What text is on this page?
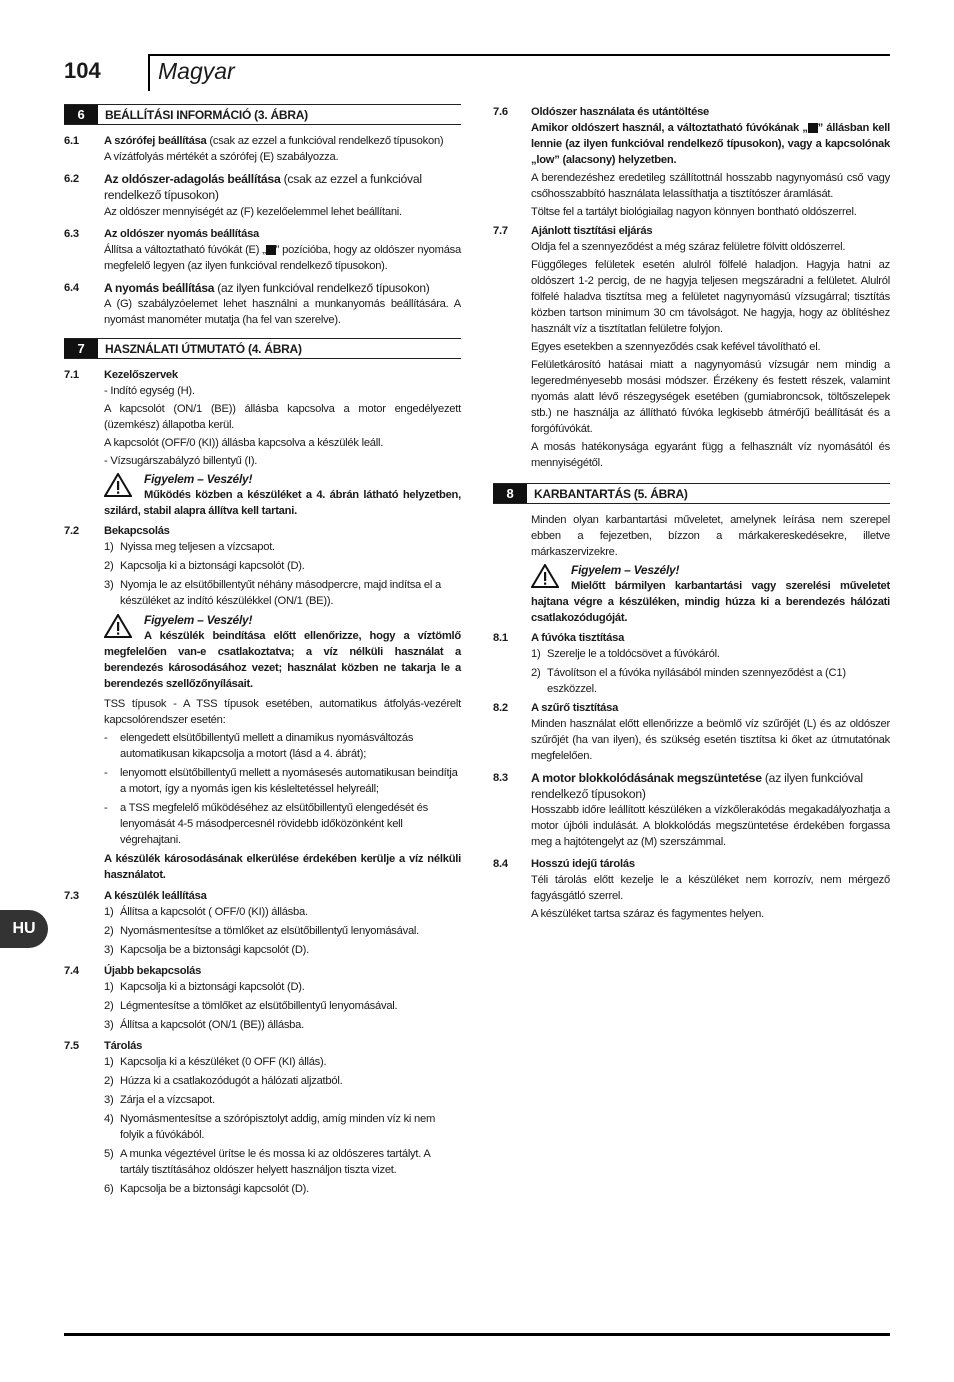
104 Magyar
HU
6	BEÁLLÍTÁSI INFORMÁCIÓ (3. ÁBRA)
6.1	A szórófej beállítása (csak az ezzel a funkcióval rendelkező típusokon)
A vízátfolyás mértékét a szórófej (E) szabályozza.
6.2	Az oldószer-adagolás beállítása (csak az ezzel a funkcióval rendelkező típusokon)
Az oldószer mennyiségét az (F) kezelőelemmel lehet beállítani.
6.3	Az oldószer nyomás beállítása
Állítsa a változtatható fúvókát (E) „ ” pozícióba, hogy az oldószer nyomása megfelelő legyen (az ilyen funkcióval rendelkező típusokon).
6.4	A nyomás beállítása (az ilyen funkcióval rendelkező típusokon)
A (G) szabályzóelemet lehet használni a munkanyomás beállítására. A nyomást manométer mutatja (ha fel van szerelve).
7	HASZNÁLATI ÚTMUTATÓ (4. ÁBRA)
7.1	Kezelőszervek
- Indító egység (H).
A kapcsolót (ON/1 (BE)) állásba kapcsolva a motor engedélyezett (üzemkész) állapotba kerül.
A kapcsolót (OFF/0 (KI)) állásba kapcsolva a készülék leáll.
- Vízsugárszabályzó billentyű (I).
Figyelem – Veszély!
Működés közben a készüléket a 4. ábrán látható helyzetben, szilárd, stabil alapra állítva kell tartani.
7.2	Bekapcsolás
1) Nyissa meg teljesen a vízcsapot.
2) Kapcsolja ki a biztonsági kapcsolót (D).
3) Nyomja le az elsütőbillentyűt néhány másodpercre, majd indítsa el a készüléket az indító készülékkel (ON/1 (BE)).
Figyelem – Veszély!
A készülék beindítása előtt ellenőrizze, hogy a víztömlő megfelelően van-e csatlakoztatva; a víz nélküli használat a berendezés károsodásához vezet; használat közben ne takarja le a berendezés szellőzőnyílásait.
TSS típusok - A TSS típusok esetében, automatikus átfolyás-vezérelt kapcsolórendszer esetén:
-	elengedett elsütőbillentyű mellett a dinamikus nyomásváltozás automatikusan kikapcsolja a motort (lásd a 4. ábrát);
-	lenyomott elsütőbillentyű mellett a nyomásesés automatikusan beindítja a motort, így a nyomás igen kis késleltetéssel helyreáll;
-	a TSS megfelelő működéséhez az elsütőbillentyű elengedését és lenyomását 4-5 másodpercesnél rövidebb időközönként kell végrehajtani.
A készülék károsodásának elkerülése érdekében kerülje a víz nélküli használatot.
7.3	A készülék leállítása
1) Állítsa a kapcsolót ( OFF/0 (KI)) állásba.
2) Nyomásmentesítse a tömlőket az elsütőbillentyű lenyomásával.
3) Kapcsolja be a biztonsági kapcsolót (D).
7.4	Újabb bekapcsolás
1) Kapcsolja ki a biztonsági kapcsolót (D).
2) Légmentesítse a tömlőket az elsütőbillentyű lenyomásával.
3) Állítsa a kapcsolót (ON/1 (BE)) állásba.
7.5	Tárolás
1) Kapcsolja ki a készüléket (0 OFF (KI) állás).
2) Húzza ki a csatlakozódugót a hálózati aljzatból.
3) Zárja el a vízcsapot.
4) Nyomásmentesítse a szórópisztolyt addig, amíg minden víz ki nem folyik a fúvókából.
5) A munka végeztével ürítse le és mossa ki az oldószeres tartályt. A tartály tisztításához oldószer helyett használjon tiszta vizet.
6) Kapcsolja be a biztonsági kapcsolót (D).
7.6	Oldószer használata és utántöltése
Amikor oldószert használ, a változtatható fúvókának „ ” állásban kell lennie (az ilyen funkcióval rendelkező típusokon), vagy a kapcsolónak „low” (alacsony) helyzetben.
A berendezéshez eredetileg szállítottnál hosszabb nagynyomású cső vagy csőhosszabbító használata lelassíthatja a tisztítószer áramlását.
Töltse fel a tartályt biológiailag nagyon könnyen bontható oldószerrel.
7.7	Ajánlott tisztítási eljárás
Oldja fel a szennyeződést a még száraz felületre fölvitt oldószerrel.
Függőleges felületek esetén alulról fölfelé haladjon. Hagyja hatni az oldószert 1-2 percig, de ne hagyja teljesen megszáradni a felületet. Alulról fölfelé haladva tisztítsa meg a felületet nagynyomású vízsugárral; tisztítás közben tartson minimum 30 cm távolságot. Ne hagyja, hogy az öblítéshez használt víz a tisztítatlan felületre folyjon.
Egyes esetekben a szennyeződés csak kefével távolítható el.
Felületkárosító hatásai miatt a nagynyomású vízsugár nem mindig a legeredményesebb mosási módszer. Érzékeny és festett részek, valamint nyomás alatt lévő részegységek esetében (gumiabroncsok, töltőszelepek stb.) ne használja az állítható fúvóka legkisebb átmérőjű beállítását és a forgófúvókát.
A mosás hatékonysága egyaránt függ a felhasznált víz nyomásától és mennyiségétől.
8	KARBANTARTÁS (5. ÁBRA)
Minden olyan karbantartási műveletet, amelynek leírása nem szerepel ebben a fejezetben, bízzon a márkakereskedésekre, illetve márkaszervizekre.
Figyelem – Veszély!
Mielőtt bármilyen karbantartási vagy szerelési műveletet hajtana végre a készüléken, mindig húzza ki a berendezés hálózati csatlakozódugóját.
8.1	A fúvóka tisztítása
1) Szerelje le a toldócsövet a fúvókáról.
2) Távolítson el a fúvóka nyílásából minden szennyeződést a (C1) eszközzel.
8.2	A szűrő tisztítása
Minden használat előtt ellenőrizze a beömlő víz szűrőjét (L) és az oldószer szűrőjét (ha van ilyen), és szükség esetén tisztítsa ki őket az útmutatónak megfelelően.
8.3	A motor blokkolódásának megszüntetése (az ilyen funkcióval rendelkező típusokon)
Hosszabb időre leállított készüléken a vízkőlerakódás megakadályozhatja a motor újbóli indulását. A blokkolódás megszüntetése érdekében forgassa meg a hajtótengelyt az (M) szerszámmal.
8.4	Hosszú idejű tárolás
Téli tárolás előtt kezelje le a készüléket nem korrozív, nem mérgező fagyásgátló szerrel.
A készüléket tartsa száraz és fagymentes helyen.
